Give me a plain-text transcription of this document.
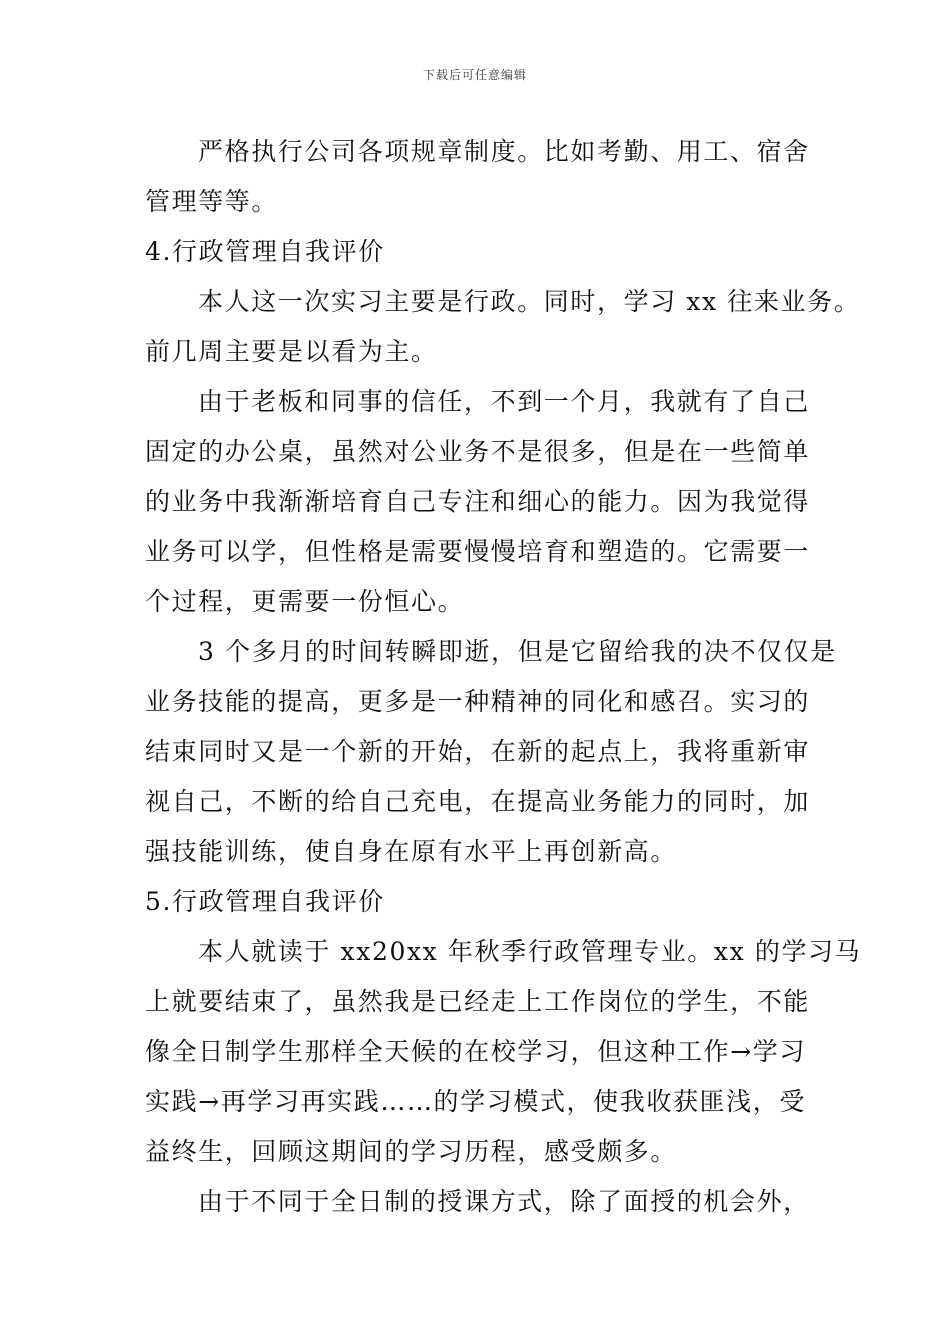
下载后可任意编辑
严格执行公司各项规章制度。比如考勤、用工、宿舍
管理等等。
4.行政管理自我评价
本人这一次实习主要是行政。同时，学习 xx 往来业务。
前几周主要是以看为主。
由于老板和同事的信任，不到一个月，我就有了自己
固定的办公桌，虽然对公业务不是很多，但是在一些简单
的业务中我渐渐培育自己专注和细心的能力。因为我觉得
业务可以学，但性格是需要慢慢培育和塑造的。它需要一
个过程，更需要一份恒心。
3 个多月的时间转瞬即逝，但是它留给我的决不仅仅是
业务技能的提高，更多是一种精神的同化和感召。实习的
结束同时又是一个新的开始，在新的起点上，我将重新审
视自己，不断的给自己充电，在提高业务能力的同时，加
强技能训练，使自身在原有水平上再创新高。
5.行政管理自我评价
本人就读于 xx20xx 年秋季行政管理专业。xx 的学习马
上就要结束了，虽然我是已经走上工作岗位的学生，不能
像全日制学生那样全天候的在校学习，但这种工作→学习
实践→再学习再实践……的学习模式，使我收获匪浅，受
益终生，回顾这期间的学习历程，感受颇多。
由于不同于全日制的授课方式，除了面授的机会外，
